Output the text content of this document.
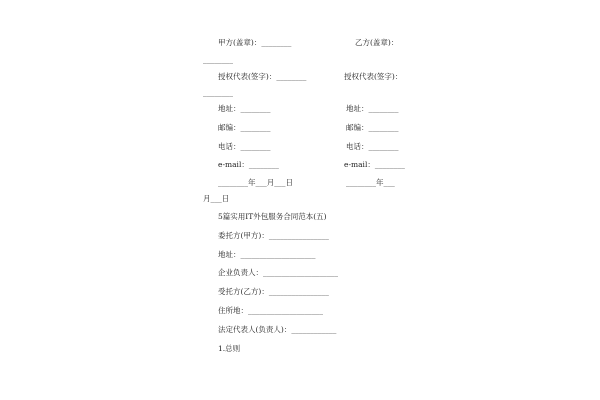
甲方(盖章)：________	乙方(盖章)：
________
授权代表(签字)：________	授权代表(签字)：
________
地址：________	地址：________
邮编：________	邮编：________
电话：________	电话：________
e-mail：________	e-mail：________
________年___月___日	________年___
月___日
5篇实用IT外包服务合同范本(五)
委托方(甲方)：________________
地址：____________________
企业负责人：____________________
受托方(乙方)：________________
住所地：____________________
法定代表人(负责人)：____________
1.总则
